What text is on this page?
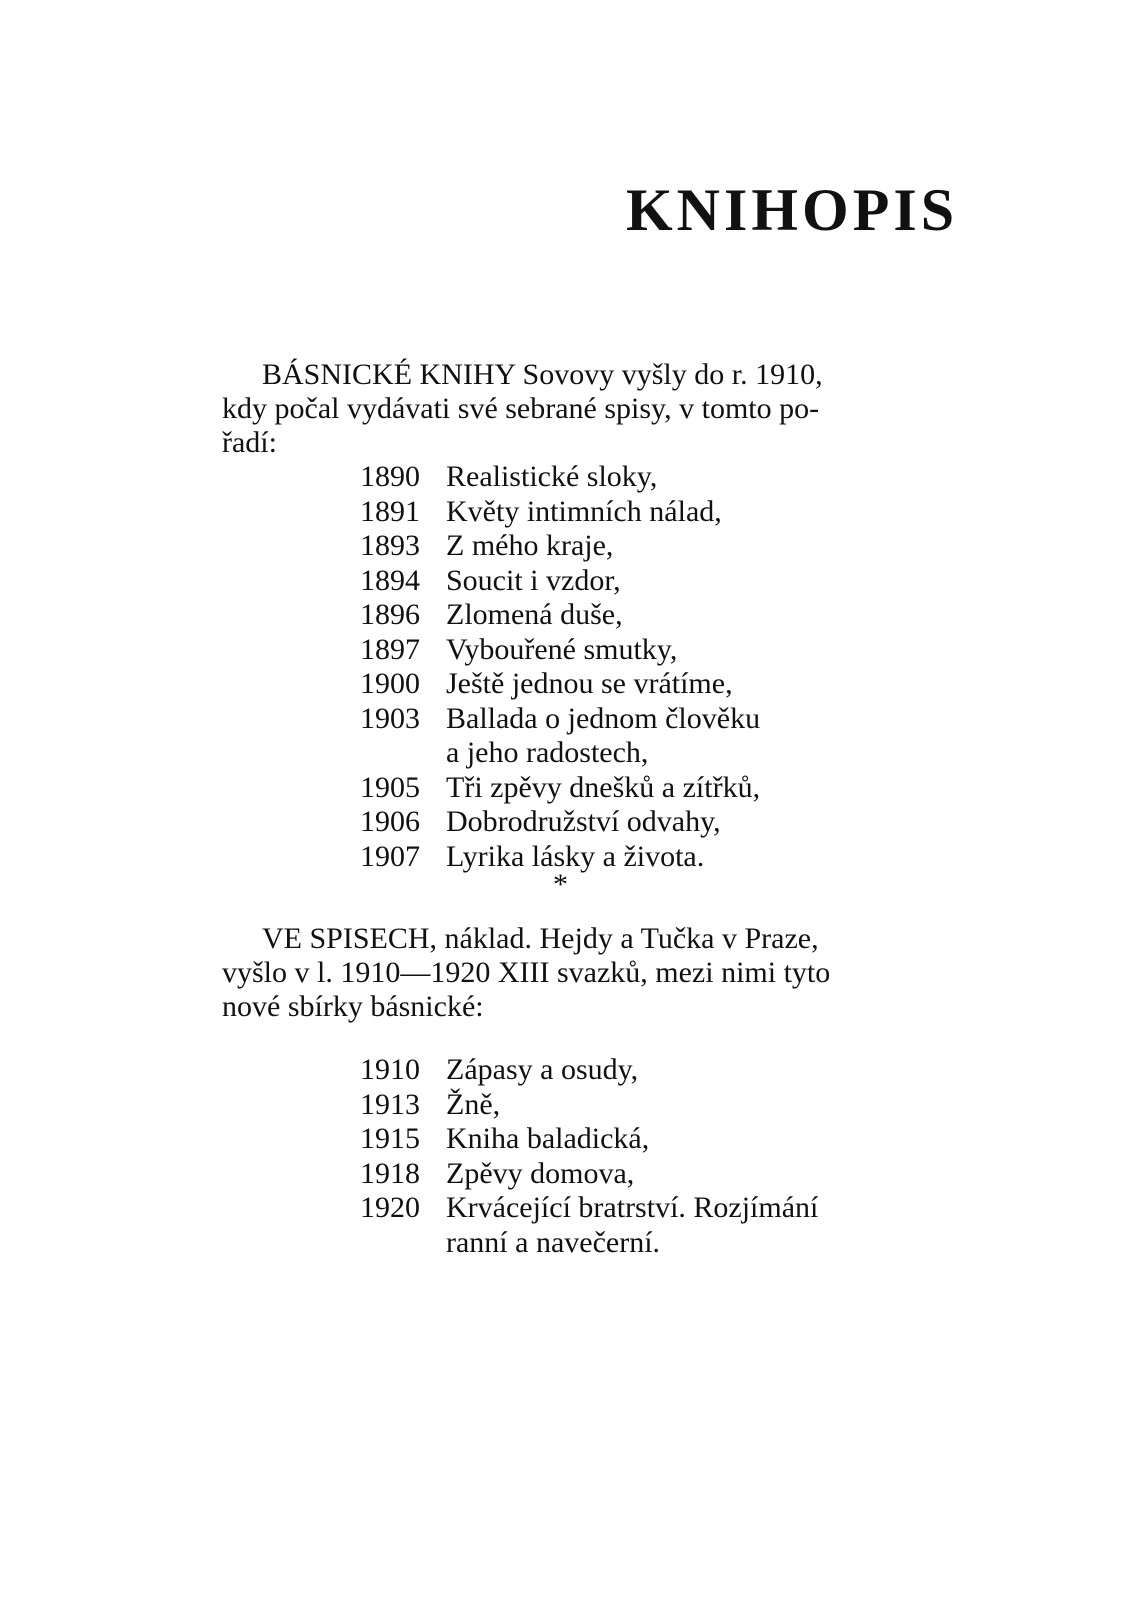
KNIHOPIS
BÁSNICKÉ KNIHY Sovovy vyšly do r. 1910,
kdy počal vydávati své sebrané spisy, v tomto po-
řadí:
1890 Realistické sloky,
1891 Květy intimních nálad,
1893 Z mého kraje,
1894 Soucit i vzdor,
1896 Zlomená duše,
1897 Vybouřené smutky,
1900 Ještě jednou se vrátíme,
1903 Ballada o jednom člověku
a jeho radostech,
1905 Tři zpěvy dnešků a zítřků,
1906 Dobrodružství odvahy,
1907 Lyrika lásky a života.
*
VE SPISECH, náklad. Hejdy a Tučka v Praze,
vyšlo v l. 1910—1920 XIII svazků, mezi nimi tyto
nové sbírky básnické:
1910 Zápasy a osudy,
1913 Žně,
1915 Kniha baladická,
1918 Zpěvy domova,
1920 Krvácející bratrství. Rozjímání
ranní a navečerní.
